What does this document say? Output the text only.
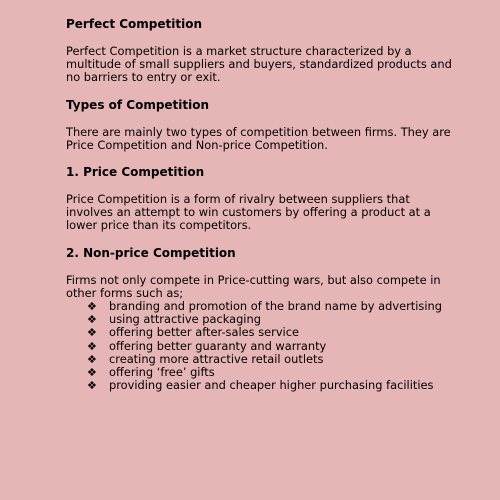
Perfect Competition

Perfect Competition is a market structure characterized by a multitude of small suppliers and buyers, standardized products and no barriers to entry or exit.

Types of Competition

There are mainly two types of competition between firms. They are Price Competition and Non-price Competition.

1. Price Competition

Price Competition is a form of rivalry between suppliers that involves an attempt to win customers by offering a product at a lower price than its competitors.

2. Non-price Competition

Firms not only compete in Price-cutting wars, but also compete in other forms such as;

❖ branding and promotion of the brand name by advertising
❖ using attractive packaging
❖ offering better after-sales service
❖ offering better guaranty and warranty
❖ creating more attractive retail outlets
❖ offering ‘free’ gifts
❖ providing easier and cheaper higher purchasing facilities
